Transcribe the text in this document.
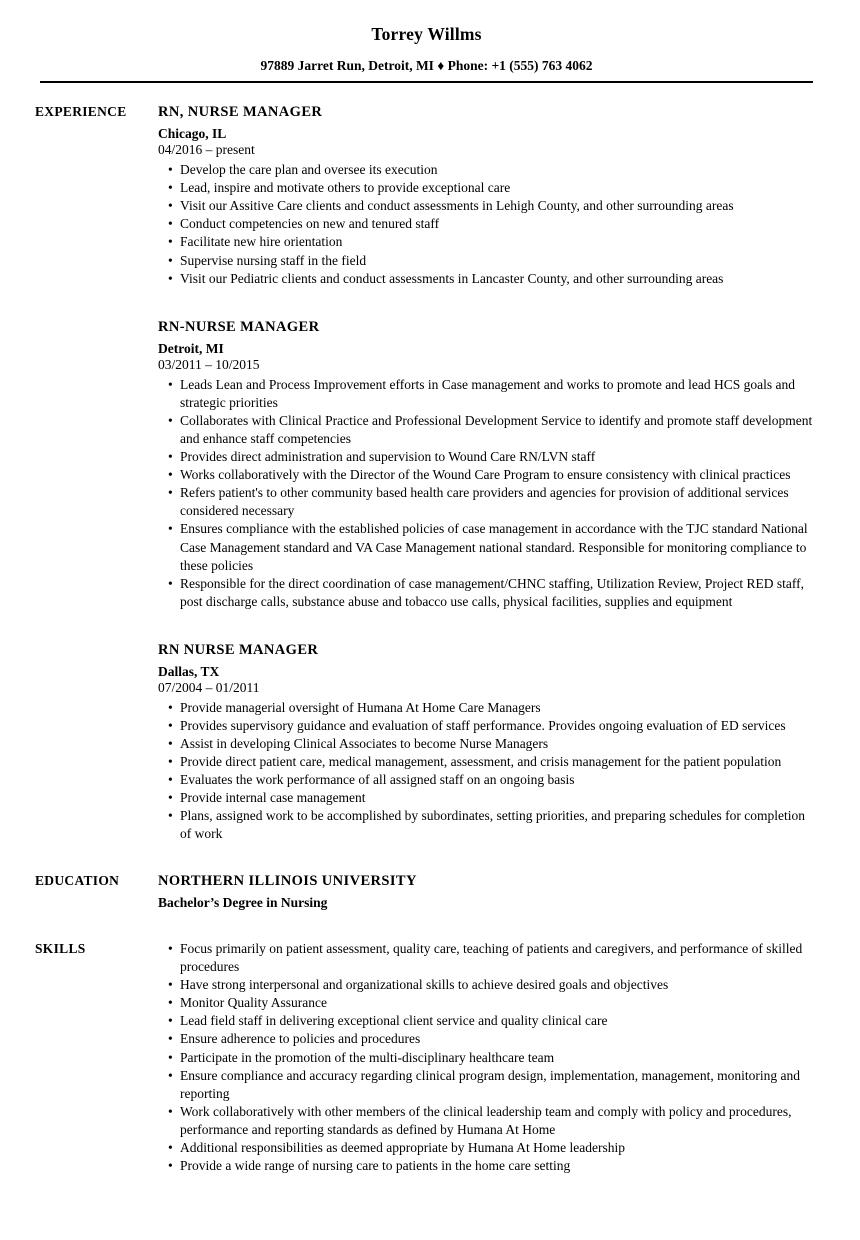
Torrey Willms
97889 Jarret Run, Detroit, MI ♦ Phone: +1 (555) 763 4062
EXPERIENCE	RN, NURSE MANAGER
Chicago, IL
04/2016 – present
• Develop the care plan and oversee its execution
• Lead, inspire and motivate others to provide exceptional care
• Visit our Assitive Care clients and conduct assessments in Lehigh County, and other surrounding areas
• Conduct competencies on new and tenured staff
• Facilitate new hire orientation
• Supervise nursing staff in the field
• Visit our Pediatric clients and conduct assessments in Lancaster County, and other surrounding areas
RN-NURSE MANAGER
Detroit, MI
03/2011 – 10/2015
• Leads Lean and Process Improvement efforts in Case management and works to promote and lead HCS goals and strategic priorities
• Collaborates with Clinical Practice and Professional Development Service to identify and promote staff development and enhance staff competencies
• Provides direct administration and supervision to Wound Care RN/LVN staff
• Works collaboratively with the Director of the Wound Care Program to ensure consistency with clinical practices
• Refers patient's to other community based health care providers and agencies for provision of additional services considered necessary
• Ensures compliance with the established policies of case management in accordance with the TJC standard National Case Management standard and VA Case Management national standard. Responsible for monitoring compliance to these policies
• Responsible for the direct coordination of case management/CHNC staffing, Utilization Review, Project RED staff, post discharge calls, substance abuse and tobacco use calls, physical facilities, supplies and equipment
RN NURSE MANAGER
Dallas, TX
07/2004 – 01/2011
• Provide managerial oversight of Humana At Home Care Managers
• Provides supervisory guidance and evaluation of staff performance. Provides ongoing evaluation of ED services
• Assist in developing Clinical Associates to become Nurse Managers
• Provide direct patient care, medical management, assessment, and crisis management for the patient population
• Evaluates the work performance of all assigned staff on an ongoing basis
• Provide internal case management
• Plans, assigned work to be accomplished by subordinates, setting priorities, and preparing schedules for completion of work
EDUCATION	NORTHERN ILLINOIS UNIVERSITY
Bachelor’s Degree in Nursing
SKILLS	• Focus primarily on patient assessment, quality care, teaching of patients and caregivers, and performance of skilled procedures
• Have strong interpersonal and organizational skills to achieve desired goals and objectives
• Monitor Quality Assurance
• Lead field staff in delivering exceptional client service and quality clinical care
• Ensure adherence to policies and procedures
• Participate in the promotion of the multi-disciplinary healthcare team
• Ensure compliance and accuracy regarding clinical program design, implementation, management, monitoring and reporting
• Work collaboratively with other members of the clinical leadership team and comply with policy and procedures, performance and reporting standards as defined by Humana At Home
• Additional responsibilities as deemed appropriate by Humana At Home leadership
• Provide a wide range of nursing care to patients in the home care setting
